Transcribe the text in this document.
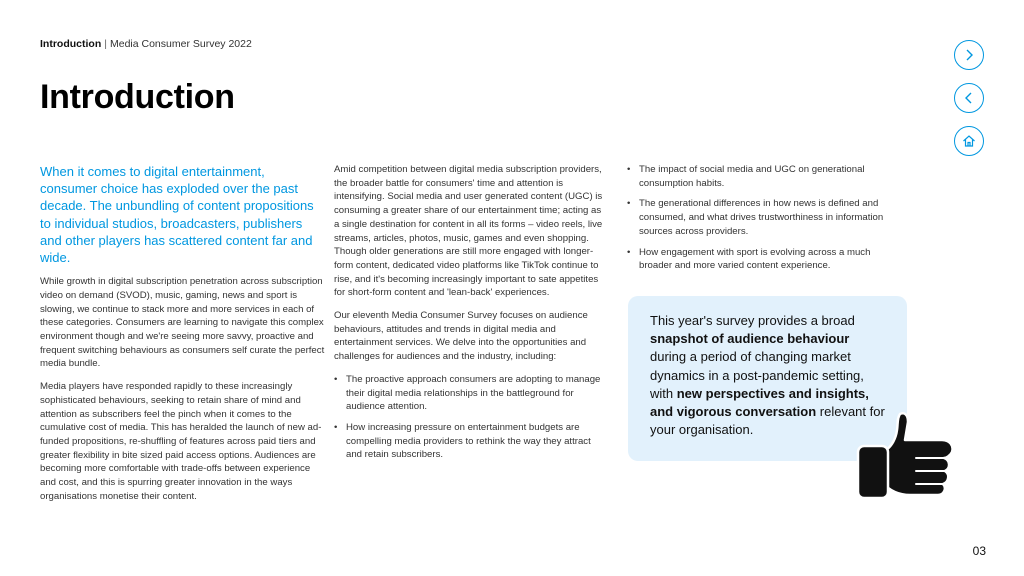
Introduction | Media Consumer Survey 2022
Introduction

When it comes to digital entertainment, consumer choice has exploded over the past decade. The unbundling of content propositions to individual studios, broadcasters, publishers and other players has scattered content far and wide.

While growth in digital subscription penetration across subscription video on demand (SVOD), music, gaming, news and sport is slowing, we continue to stack more and more services in each of these categories. Consumers are learning to navigate this complex environment though and we're seeing more savvy, proactive and frequent switching behaviours as consumers self curate the perfect media bundle.

Media players have responded rapidly to these increasingly sophisticated behaviours, seeking to retain share of mind and attention as subscribers feel the pinch when it comes to the cumulative cost of media. This has heralded the launch of new ad-funded propositions, re-shuffling of features across paid tiers and greater flexibility in bite sized paid access options. Audiences are becoming more comfortable with trade-offs between experience and cost, and this is spurring greater innovation in the ways organisations monetise their content.

Amid competition between digital media subscription providers, the broader battle for consumers' time and attention is intensifying. Social media and user generated content (UGC) is consuming a greater share of our entertainment time; acting as a single destination for content in all its forms – video reels, live streams, articles, photos, music, games and even shopping. Though older generations are still more engaged with longer-form content, dedicated video platforms like TikTok continue to rise, and it's becoming increasingly important to sate appetites for short-form content and 'lean-back' experiences.

Our eleventh Media Consumer Survey focuses on audience behaviours, attitudes and trends in digital media and entertainment services. We delve into the opportunities and challenges for audiences and the industry, including:

• The proactive approach consumers are adopting to manage their digital media relationships in the battleground for audience attention.
• How increasing pressure on entertainment budgets are compelling media providers to rethink the way they attract and retain subscribers.
• The impact of social media and UGC on generational consumption habits.
• The generational differences in how news is defined and consumed, and what drives trustworthiness in information sources across providers.
• How engagement with sport is evolving across a much broader and more varied content experience.
This year's survey provides a broad snapshot of audience behaviour during a period of changing market dynamics in a post-pandemic setting, with new perspectives and insights, and vigorous conversation relevant for your organisation.
03
